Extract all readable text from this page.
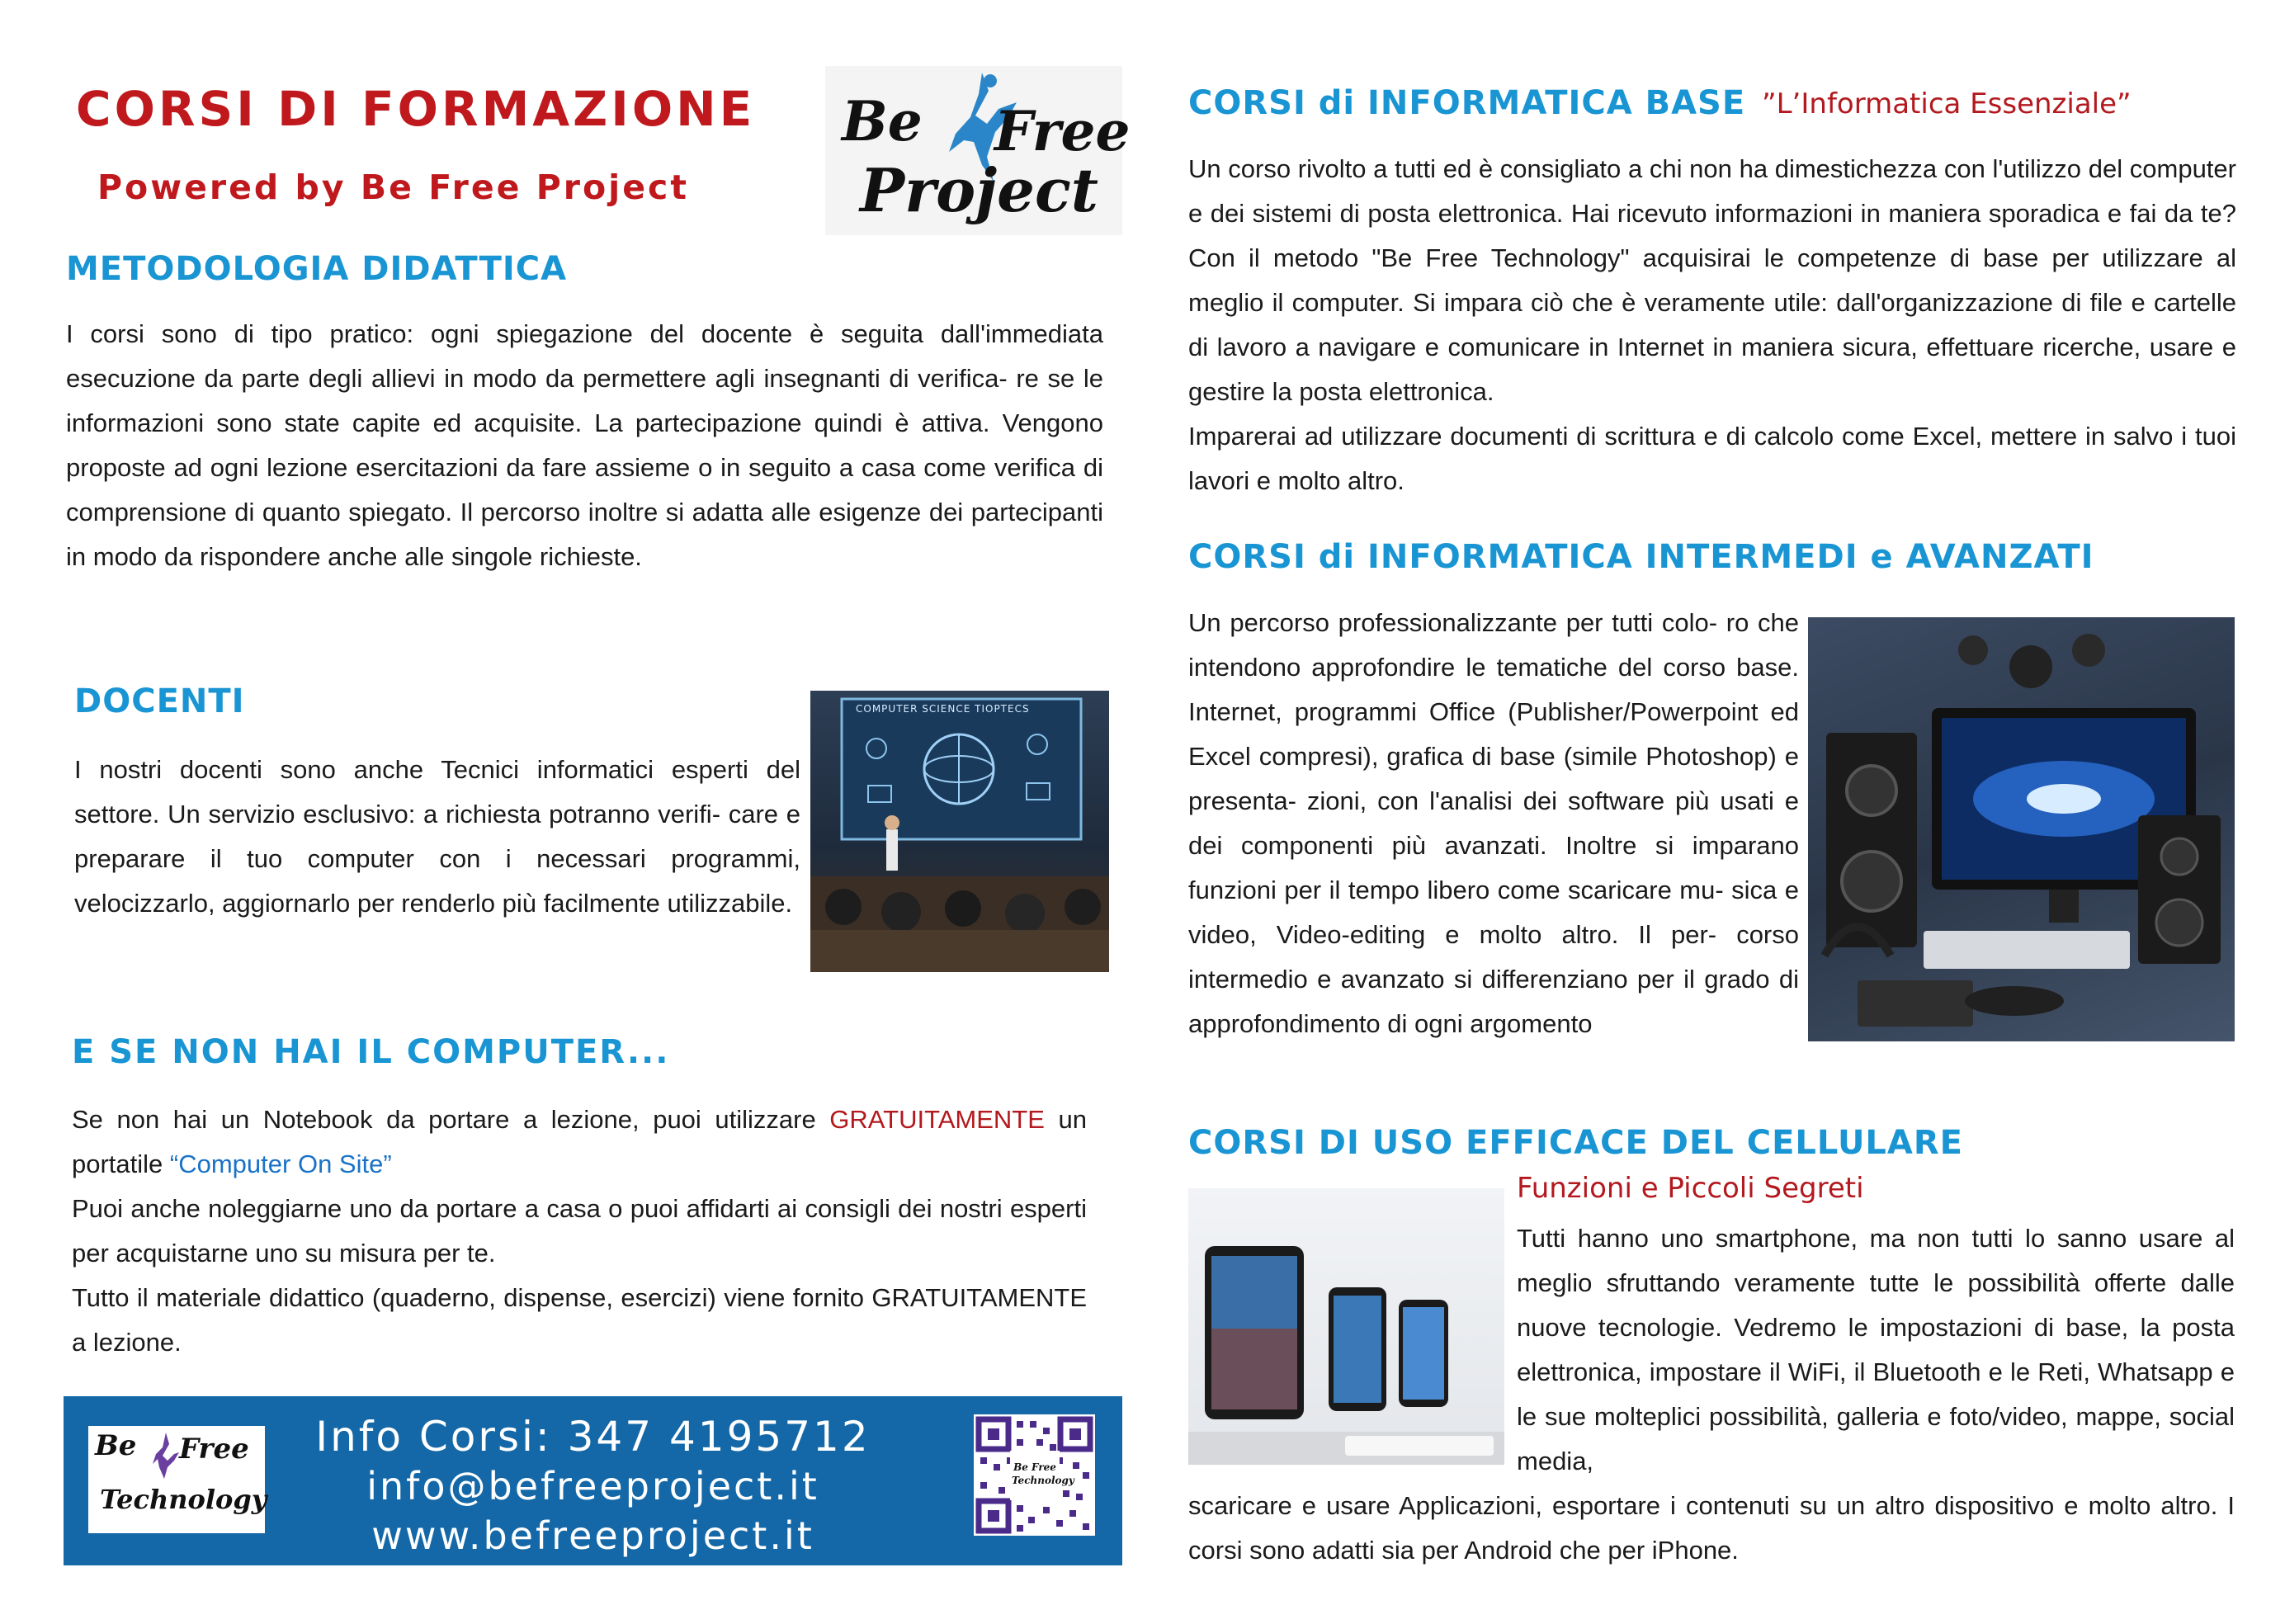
CORSI DI FORMAZIONE
Powered by Be Free Project
Be Free
Project
METODOLOGIA DIDATTICA
I corsi sono di tipo pratico: ogni spiegazione del docente è seguita dall'immediata esecuzione da parte degli allievi in modo da permettere agli insegnanti di verifica- re se le informazioni sono state capite ed acquisite. La partecipazione quindi è attiva. Vengono proposte ad ogni lezione esercitazioni da fare assieme o in seguito a casa come verifica di comprensione di quanto spiegato. Il percorso inoltre si adatta alle esigenze dei partecipanti in modo da rispondere anche alle singole richieste.
DOCENTI
I nostri docenti sono anche Tecnici informatici esperti del settore. Un servizio esclusivo: a richiesta potranno verifi- care e preparare il tuo computer con i necessari programmi, velocizzarlo, aggiornarlo per renderlo più facilmente utilizzabile.
COMPUTER SCIENCE TIOPTECS
E SE NON HAI IL COMPUTER...
Se non hai un Notebook da portare a lezione, puoi utilizzare GRATUITAMENTE un portatile “Computer On Site”
Puoi anche noleggiarne uno da portare a casa o puoi affidarti ai consigli dei nostri esperti per acquistarne uno su misura per te.
Tutto il materiale didattico (quaderno, dispense, esercizi) viene fornito GRATUITAMENTE a lezione.
Be Free
Technology
Info Corsi: 347 4195712
info@befreeproject.it
www.befreeproject.it
Be Free Technology
CORSI di INFORMATICA BASE ”L’Informatica Essenziale”
Un corso rivolto a tutti ed è consigliato a chi non ha dimestichezza con l'utilizzo del computer e dei sistemi di posta elettronica. Hai ricevuto informazioni in maniera sporadica e fai da te? Con il metodo "Be Free Technology" acquisirai le competenze di base per utilizzare al meglio il computer. Si impara ciò che è veramente utile: dall'organizzazione di file e cartelle di lavoro a navigare e comunicare in Internet in maniera sicura, effettuare ricerche, usare e gestire la posta elettronica.
Imparerai ad utilizzare documenti di scrittura e di calcolo come Excel, mettere in salvo i tuoi lavori e molto altro.
CORSI di INFORMATICA INTERMEDI e AVANZATI
Un percorso professionalizzante per tutti colo- ro che intendono approfondire le tematiche del corso base. Internet, programmi Office (Publisher/Powerpoint ed Excel compresi), grafica di base (simile Photoshop) e presenta- zioni, con l'analisi dei software più usati e dei componenti più avanzati. Inoltre si imparano funzioni per il tempo libero come scaricare mu- sica e video, Video-editing e molto altro. Il per- corso intermedio e avanzato si differenziano per il grado di approfondimento di ogni argomento
CORSI DI USO EFFICACE DEL CELLULARE
Funzioni e Piccoli Segreti
Tutti hanno uno smartphone, ma non tutti lo sanno usare al meglio sfruttando veramente tutte le possibilità offerte dalle nuove tecnologie. Vedremo le impostazioni di base, la posta elettronica, impostare il WiFi, il Bluetooth e le Reti, Whatsapp e le sue molteplici possibilità, galleria e foto/video, mappe, social media,
scaricare e usare Applicazioni, esportare i contenuti su un altro dispositivo e molto altro. I corsi sono adatti sia per Android che per iPhone.
